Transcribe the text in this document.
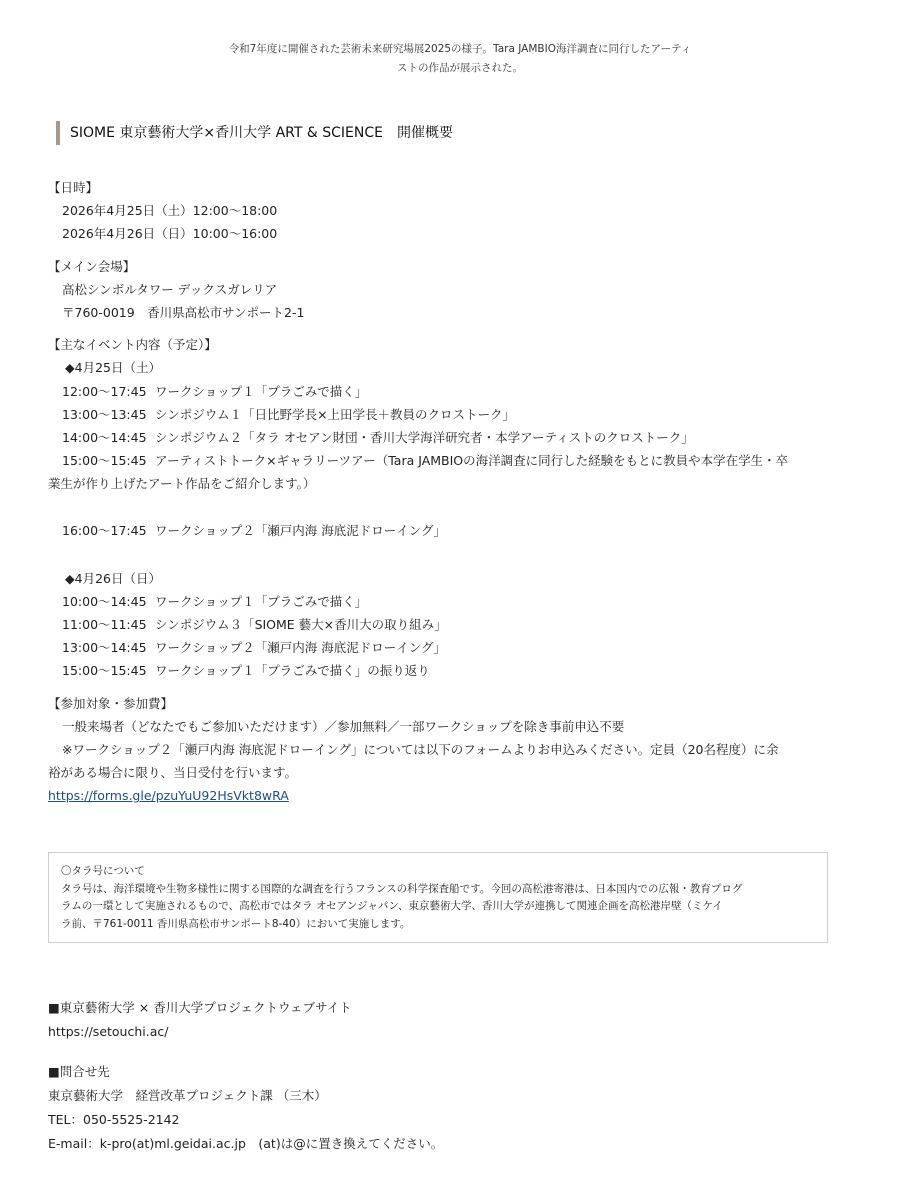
令和7年度に開催された芸術未来研究場展2025の様子。Tara JAMBIO海洋調査に同行したアーティ
ストの作品が展示された。
SIOME 東京藝術大学×香川大学 ART & SCIENCE　開催概要
【日時】
2026年4月25日（土）12:00〜18:00
2026年4月26日（日）10:00〜16:00
【メイン会場】
高松シンボルタワー デックスガレリア
〒760-0019　香川県高松市サンポート2-1
【主なイベント内容（予定）】
◆4月25日（土）
12:00〜17:45 ワークショップ１「プラごみで描く」
13:00〜13:45 シンポジウム１「日比野学長×上田学長＋教員のクロストーク」
14:00〜14:45 シンポジウム２「タラ オセアン財団・香川大学海洋研究者・本学アーティストのクロストーク」
15:00〜15:45 アーティストトーク×ギャラリーツアー（Tara JAMBIOの海洋調査に同行した経験をもとに教員や本学在学生・卒
業生が作り上げたアート作品をご紹介します。）
16:00〜17:45 ワークショップ２「瀬戸内海 海底泥ドローイング」
◆4月26日（日）
10:00〜14:45 ワークショップ１「プラごみで描く」
11:00〜11:45 シンポジウム３「SIOME 藝大×香川大の取り組み」
13:00〜14:45 ワークショップ２「瀬戸内海 海底泥ドローイング」
15:00〜15:45 ワークショップ１「プラごみで描く」の振り返り
【参加対象・参加費】
一般来場者（どなたでもご参加いただけます）／参加無料／一部ワークショップを除き事前申込不要
※ワークショップ２「瀬戸内海 海底泥ドローイング」については以下のフォームよりお申込みください。定員（20名程度）に余
裕がある場合に限り、当日受付を行います。
https://forms.gle/pzuYuU92HsVkt8wRA
〇タラ号について
タラ号は、海洋環境や生物多様性に関する国際的な調査を行うフランスの科学探査船です。今回の高松港寄港は、日本国内での広報・教育プログ
ラムの一環として実施されるもので、高松市ではタラ オセアンジャパン、東京藝術大学、香川大学が連携して関連企画を高松港岸壁（ミケイ
ラ前、〒761-0011 香川県高松市サンポート8-40）において実施します。
■東京藝術大学 × 香川大学プロジェクトウェブサイト
https://setouchi.ac/
■問合せ先
東京藝術大学　経営改革プロジェクト課 （三木）
TEL：050-5525-2142
E-mail：k-pro(at)ml.geidai.ac.jp　(at)は@に置き換えてください。
